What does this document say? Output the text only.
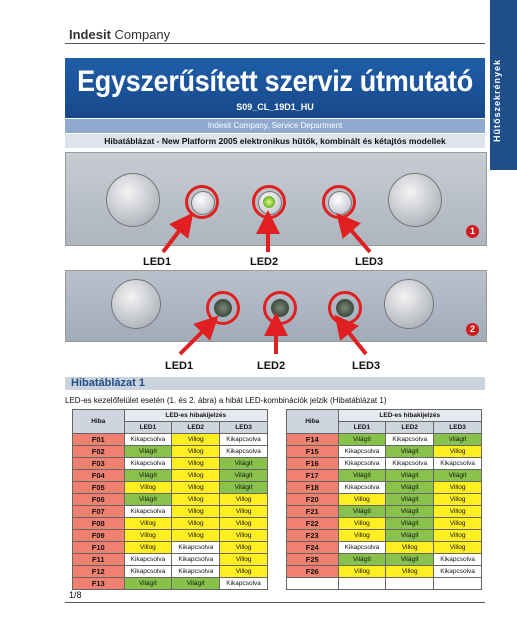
Indesit Company
Hűtőszekrények
Egyszerűsített szerviz útmutató
S09_CL_19D1_HU
Indesit Company, Service Department
Hibatáblázat - New Platform 2005 elektronikus hűtők, kombinált és kétajtós modellek
1
2
LED1	LED2	LED3
LED1	LED2	LED3
Hibatáblázat 1
LED-es kezelőfelület esetén (1. és 2. ábra) a hibát LED-kombinációk jelzik (Hibatáblázat 1)
Hiba	LED-es hibakijelzés		
	LED1	LED2	LED3
F01	Kikapcsolva	Villog	Kikapcsolva
F02	Világít	Villog	Kikapcsolva
F03	Kikapcsolva	Villog	Világít
F04	Világít	Villog	Világít
F05	Villog	Villog	Világít
F06	Világít	Villog	Villog
F07	Kikapcsolva	Villog	Villog
F08	Villog	Villog	Villog
F09	Villog	Villog	Villog
F10	Villog	Kikapcsolva	Villog
F11	Kikapcsolva	Kikapcsolva	Villog
F12	Kikapcsolva	Kikapcsolva	Villog
F13	Világít	Világít	Kikapcsolva
Hiba	LED-es hibakijelzés		
	LED1	LED2	LED3
F14	Világít	Kikapcsolva	Világít
F15	Kikapcsolva	Világít	Villog
F16	Kikapcsolva	Kikapcsolva	Kikapcsolva
F17	Világít	Világít	Világít
F18	Kikapcsolva	Világít	Villog
F20	Villog	Világít	Villog
F21	Világít	Világít	Villog
F22	Villog	Világít	Villog
F23	Villog	Világít	Villog
F24	Kikapcsolva	Villog	Villog
F25	Világít	Világít	Kikapcsolva
F26	Villog	Villog	Kikapcsolva

1/8
